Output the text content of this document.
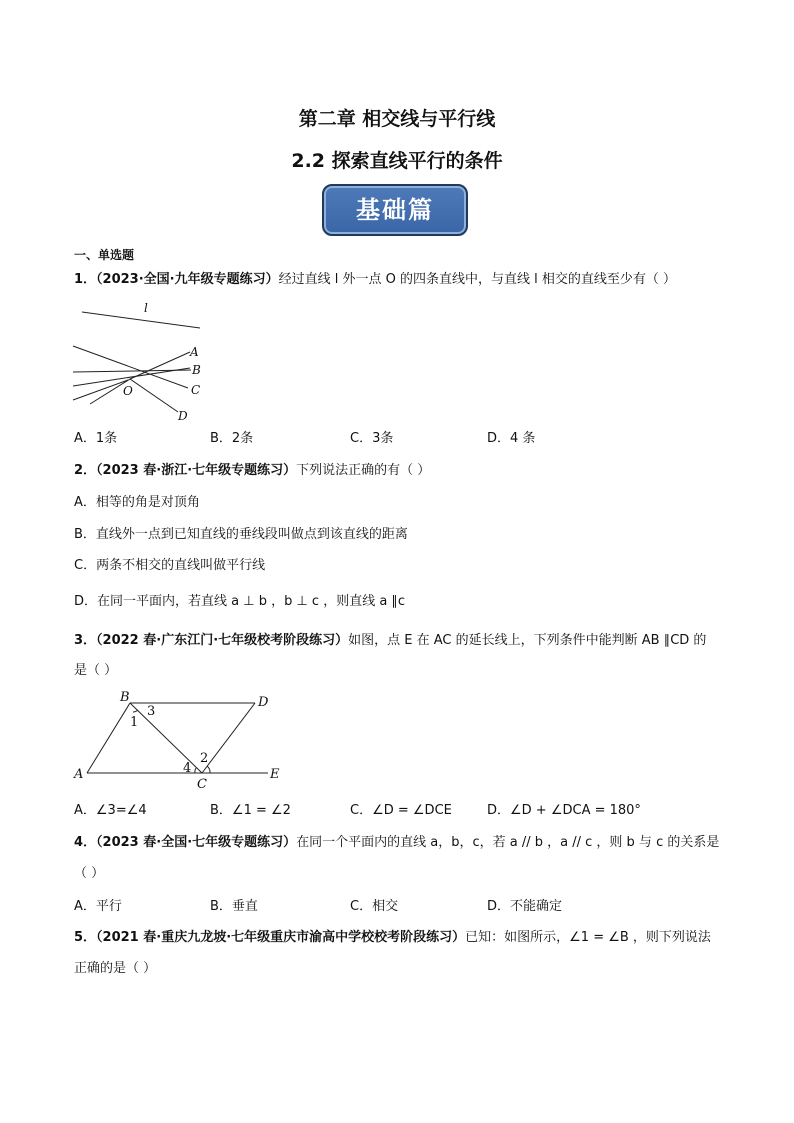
第二章 相交线与平行线
2.2 探索直线平行的条件
基础篇
一、单选题
1．（2023·全国·九年级专题练习）经过直线 l 外一点 O 的四条直线中，与直线 l 相交的直线至少有（ ）
l
A
B
C
O
D
A．1条	B．2条	C．3条	D．4 条
2．（2023 春·浙江·七年级专题练习）下列说法正确的有（ ）
A．相等的角是对顶角
B．直线外一点到已知直线的垂线段叫做点到该直线的距离
C．两条不相交的直线叫做平行线
D．在同一平面内，若直线 a ⊥ b ，b ⊥ c ，则直线 a ∥c
3．（2022 春·广东江门·七年级校考阶段练习）如图，点 E 在 AC 的延长线上，下列条件中能判断 AB ∥CD 的
是（ ）
B
3
D
1
2
4
A
C
E
A．∠3=∠4	B．∠1 = ∠2	C．∠D = ∠DCE	D．∠D + ∠DCA = 180°
4．（2023 春·全国·七年级专题练习）在同一个平面内的直线 a，b，c，若 a // b ，a // c ，则 b 与 c 的关系是
（ ）
A．平行	B．垂直	C．相交	D．不能确定
5．（2021 春·重庆九龙坡·七年级重庆市渝高中学校校考阶段练习）已知：如图所示，∠1 = ∠B ，则下列说法
正确的是（ ）
